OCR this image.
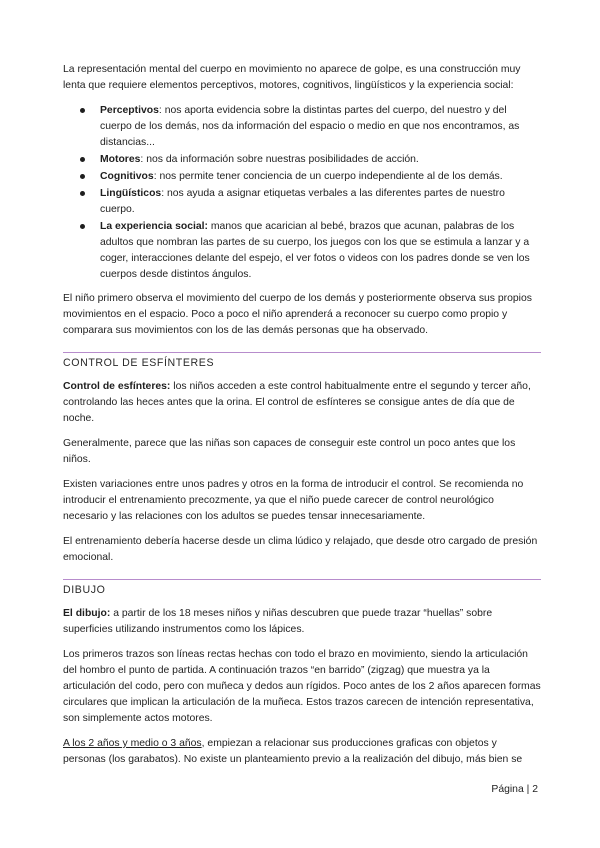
La representación mental del cuerpo en movimiento no aparece de golpe, es una construcción muy lenta que requiere elementos perceptivos, motores, cognitivos, lingüísticos y la experiencia social:

Perceptivos: nos aporta evidencia sobre la distintas partes del cuerpo, del nuestro y del cuerpo de los demás, nos da información del espacio o medio en que nos encontramos, as distancias...
Motores: nos da información sobre nuestras posibilidades de acción.
Cognitivos: nos permite tener conciencia de un cuerpo independiente al de los demás.
Lingüísticos: nos ayuda a asignar etiquetas verbales a las diferentes partes de nuestro cuerpo.
La experiencia social: manos que acarician al bebé, brazos que acunan, palabras de los adultos que nombran las partes de su cuerpo, los juegos con los que se estimula a lanzar y a coger, interacciones delante del espejo, el ver fotos o videos con los padres donde se ven los cuerpos desde distintos ángulos.

El niño primero observa el movimiento del cuerpo de los demás y posteriormente observa sus propios movimientos en el espacio. Poco a poco el niño aprenderá a reconocer su cuerpo como propio y comparara sus movimientos con los de las demás personas que ha observado.

CONTROL DE ESFÍNTERES

Control de esfínteres: los niños acceden a este control habitualmente entre el segundo y tercer año, controlando las heces antes que la orina. El control de esfínteres se consigue antes de día que de noche.

Generalmente, parece que las niñas son capaces de conseguir este control un poco antes que los niños.

Existen variaciones entre unos padres y otros en la forma de introducir el control. Se recomienda no introducir el entrenamiento precozmente, ya que el niño puede carecer de control neurológico necesario y las relaciones con los adultos se puedes tensar innecesariamente.

El entrenamiento debería hacerse desde un clima lúdico y relajado, que desde otro cargado de presión emocional.

DIBUJO

El dibujo: a partir de los 18 meses niños y niñas descubren que puede trazar “huellas” sobre superficies utilizando instrumentos como los lápices.

Los primeros trazos son líneas rectas hechas con todo el brazo en movimiento, siendo la articulación del hombro el punto de partida. A continuación trazos “en barrido” (zigzag) que muestra ya la articulación del codo, pero con muñeca y dedos aun rígidos. Poco antes de los 2 años aparecen formas circulares que implican la articulación de la muñeca. Estos trazos carecen de intención representativa, son simplemente actos motores.

A los 2 años y medio o 3 años, empiezan a relacionar sus producciones graficas con objetos y personas (los garabatos). No existe un planteamiento previo a la realización del dibujo, más bien se

Página | 2
